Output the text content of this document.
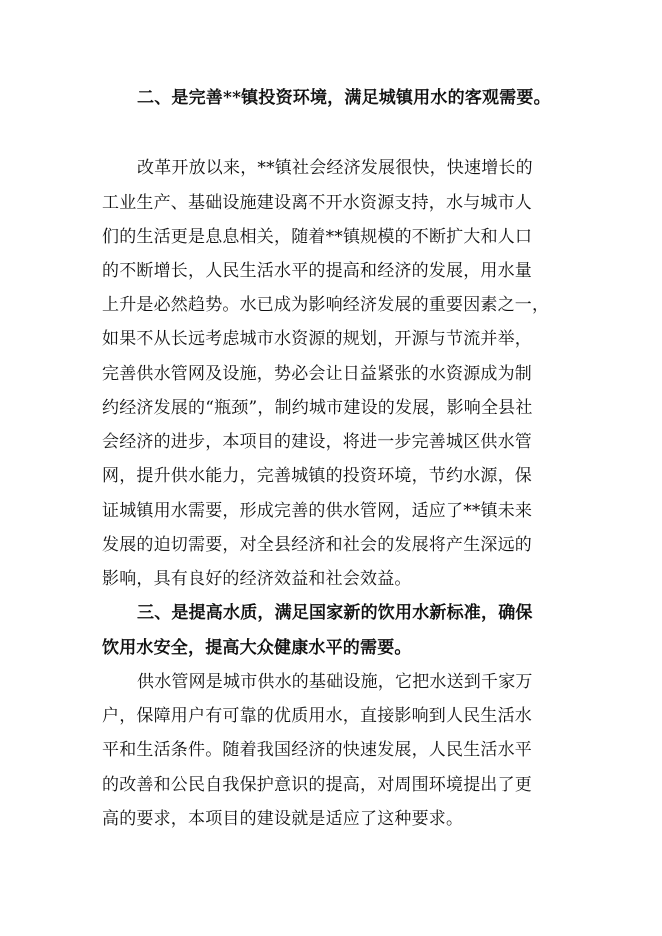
二、是完善**镇投资环境，满足城镇用水的客观需要。
改革开放以来，**镇社会经济发展很快，快速增长的
工业生产、基础设施建设离不开水资源支持，水与城市人
们的生活更是息息相关，随着**镇规模的不断扩大和人口
的不断增长，人民生活水平的提高和经济的发展，用水量
上升是必然趋势。水已成为影响经济发展的重要因素之一，
如果不从长远考虑城市水资源的规划，开源与节流并举，
完善供水管网及设施，势必会让日益紧张的水资源成为制
约经济发展的“瓶颈”，制约城市建设的发展，影响全县社
会经济的进步，本项目的建设，将进一步完善城区供水管
网，提升供水能力，完善城镇的投资环境，节约水源，保
证城镇用水需要，形成完善的供水管网，适应了**镇未来
发展的迫切需要，对全县经济和社会的发展将产生深远的
影响，具有良好的经济效益和社会效益。
三、是提高水质，满足国家新的饮用水新标准，确保
饮用水安全，提高大众健康水平的需要。
供水管网是城市供水的基础设施，它把水送到千家万
户，保障用户有可靠的优质用水，直接影响到人民生活水
平和生活条件。随着我国经济的快速发展，人民生活水平
的改善和公民自我保护意识的提高，对周围环境提出了更
高的要求，本项目的建设就是适应了这种要求。
